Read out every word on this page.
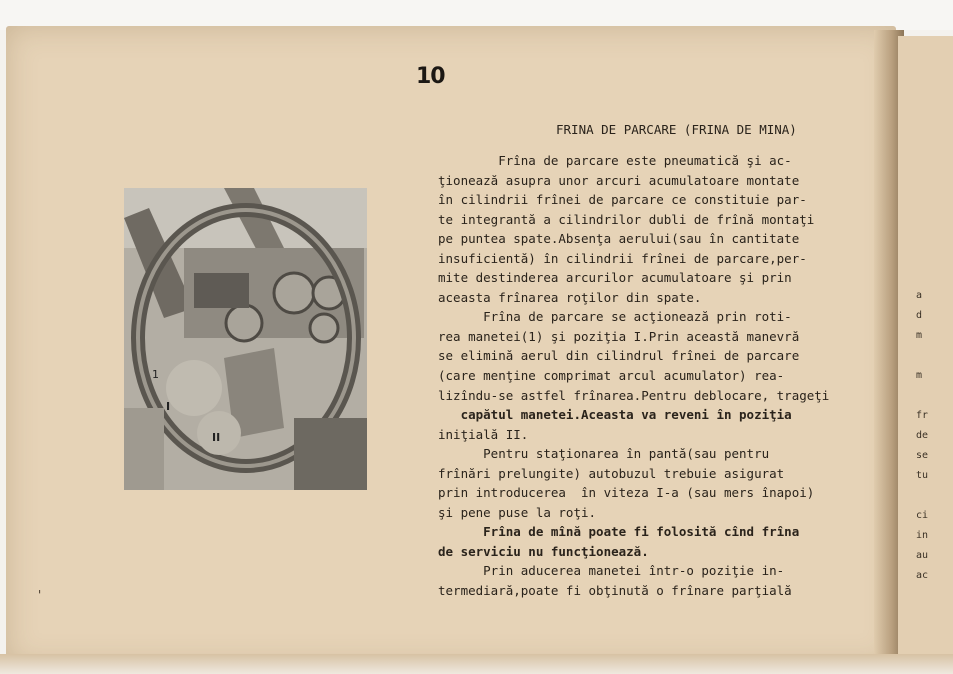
a
d
m
m
fr
de
se
tu
ci
in
au
ac
10
1
I
II
FRINA DE PARCARE (FRINA DE MINA)
Frîna de parcare este pneumatică şi ac-
ţionează asupra unor arcuri acumulatoare montate
în cilindrii frînei de parcare ce constituie par-
te integrantă a cilindrilor dubli de frînă montaţi
pe puntea spate.Absenţa aerului(sau în cantitate
insuficientă) în cilindrii frînei de parcare,per-
mite destinderea arcurilor acumulatoare şi prin
aceasta frînarea roţilor din spate.
Frîna de parcare se acţionează prin roti-
rea manetei(1) şi poziţia I.Prin această manevră
se elimină aerul din cilindrul frînei de parcare
(care menţine comprimat arcul acumulator) rea-
lizîndu-se astfel frînarea.Pentru deblocare, trageţi
capătul manetei.Aceasta va reveni în poziţia
iniţială II.
Pentru staţionarea în pantă(sau pentru
frînări prelungite) autobuzul trebuie asigurat
prin introducerea  în viteza I-a (sau mers înapoi)
şi pene puse la roţi.
Frîna de mînă poate fi folosită cînd frîna
de serviciu nu funcţionează.
Prin aducerea manetei într-o poziţie in-
termediară,poate fi obţinută o frînare parţială
'
